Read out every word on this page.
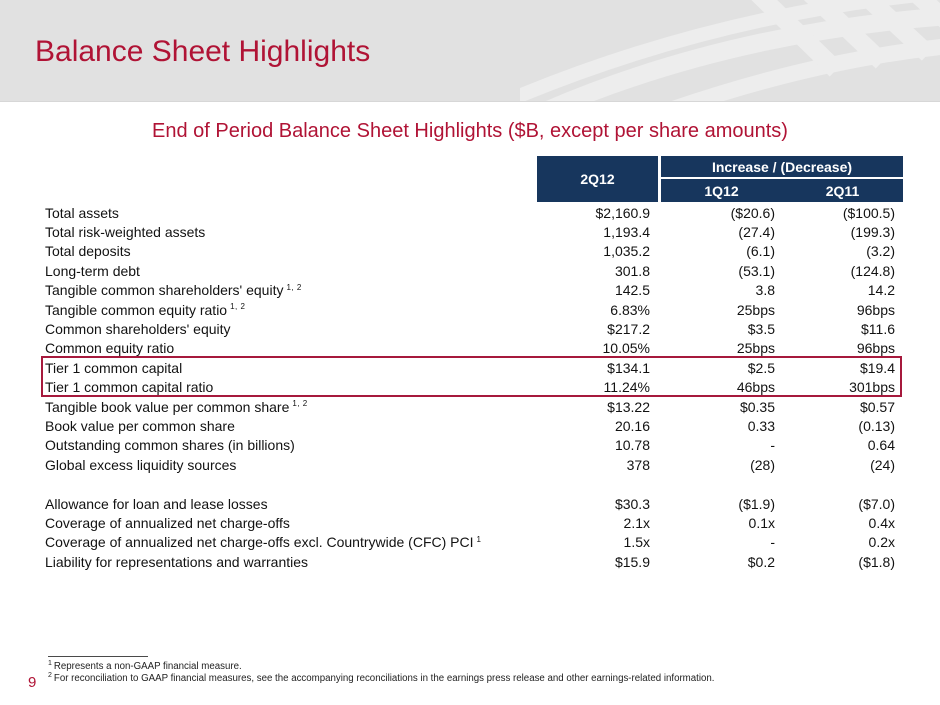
Balance Sheet Highlights
End of Period Balance Sheet Highlights ($B, except per share amounts)
2Q12
Increase / (Decrease)
1Q12	2Q11
Total assets	$2,160.9	($20.6)	($100.5)
Total risk-weighted assets	1,193.4	(27.4)	(199.3)
Total deposits	1,035.2	(6.1)	(3.2)
Long-term debt	301.8	(53.1)	(124.8)
Tangible common shareholders' equity $^{1, 2}$	142.5	3.8	14.2
Tangible common equity ratio $^{1, 2}$	6.83%	25bps	96bps
Common shareholders' equity	$217.2	$3.5	$11.6
Common equity ratio	10.05%	25bps	96bps
Tier 1 common capital	$134.1	$2.5	$19.4
Tier 1 common capital ratio	11.24%	46bps	301bps
Tangible book value per common share $^{1, 2}$	$13.22	$0.35	$0.57
Book value per common share	20.16	0.33	(0.13)
Outstanding common shares (in billions)	10.78	-	0.64
Global excess liquidity sources	378	(28)	(24)
Allowance for loan and lease losses	$30.3	($1.9)	($7.0)
Coverage of annualized net charge-offs	2.1x	0.1x	0.4x
Coverage of annualized net charge-offs excl. Countrywide (CFC) PCI $^1$	1.5x	-	0.2x
Liability for representations and warranties	$15.9	$0.2	($1.8)
$^1$ Represents a non-GAAP financial measure.
$^2$ For reconciliation to GAAP financial measures, see the accompanying reconciliations in the earnings press release and other earnings-related information.
9
